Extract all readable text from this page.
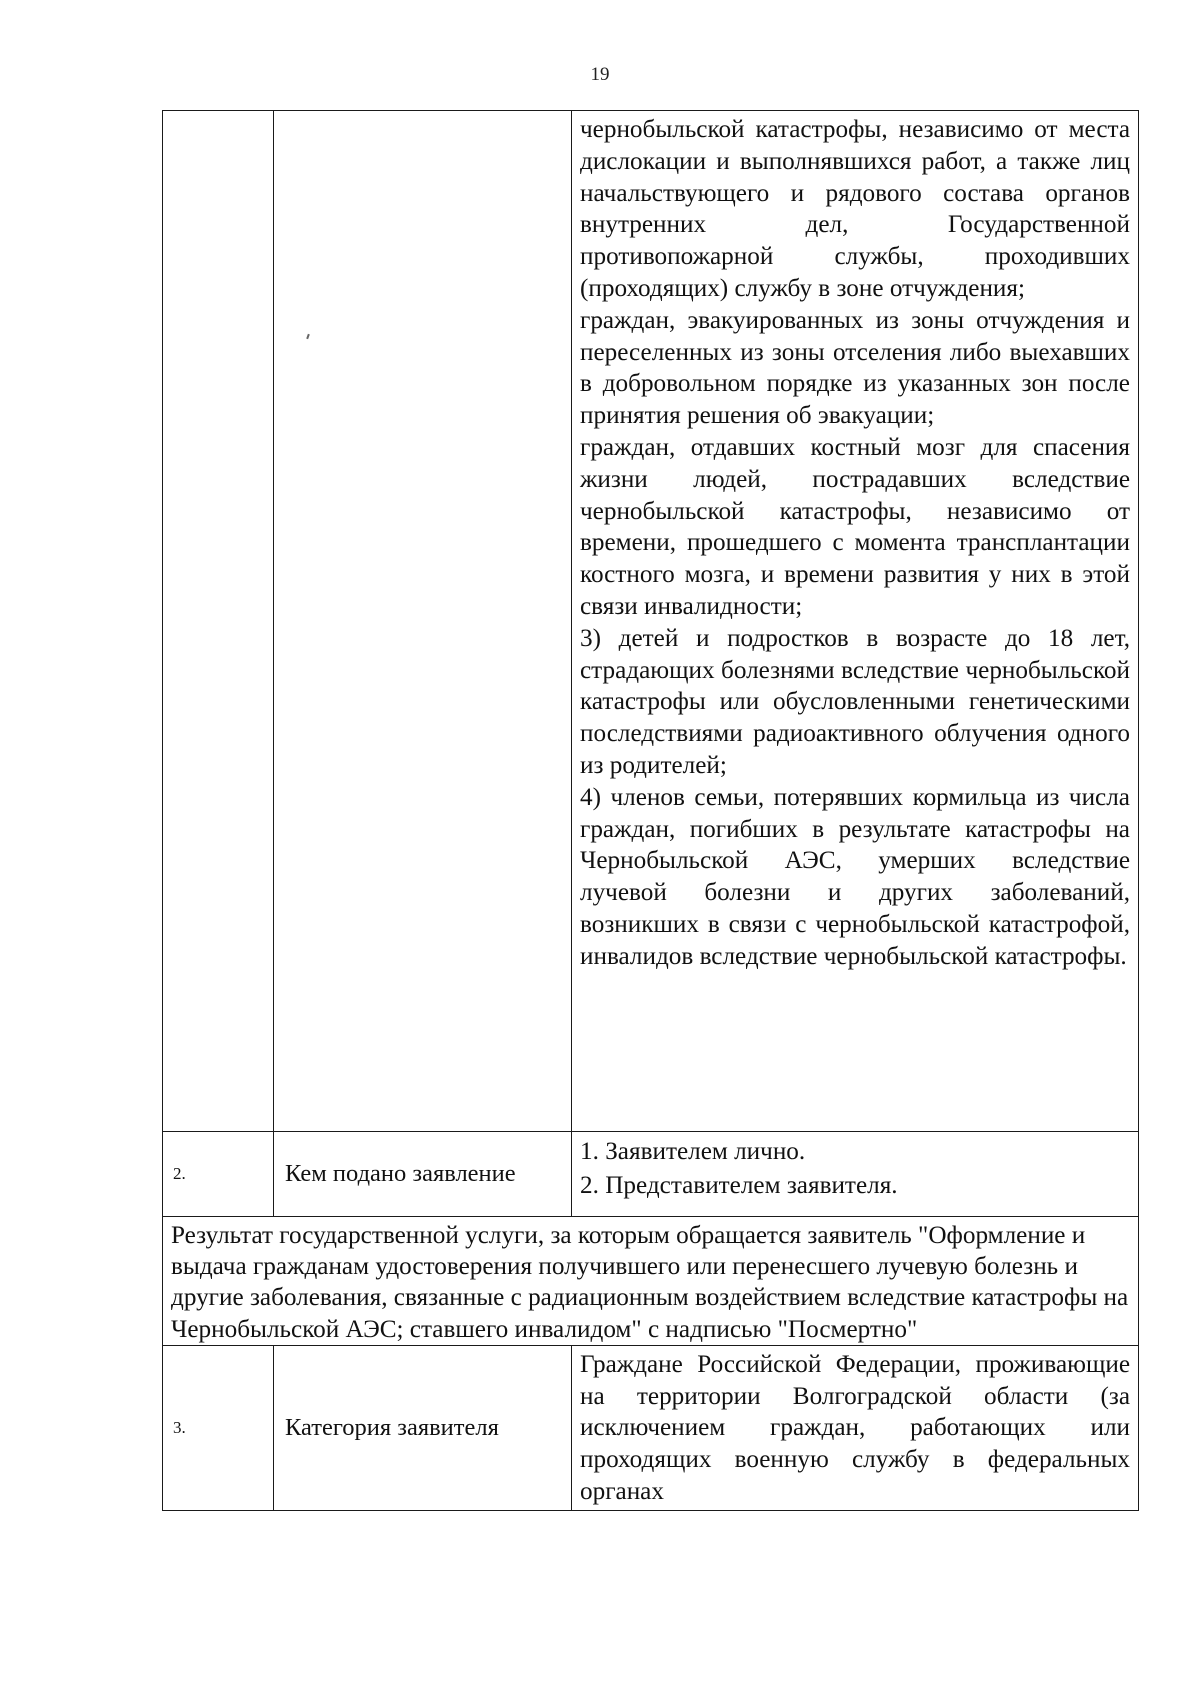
19

		чернобыльской катастрофы, независимо от места дислокации и выполнявшихся работ, а также лиц начальствующего и рядового состава органов внутренних дел, Государственной противопожарной службы, проходивших (проходящих) службу в зоне отчуждения;

граждан, эвакуированных из зоны отчуждения и переселенных из зоны отселения либо выехавших в добровольном порядке из указанных зон после принятия решения об эвакуации;

граждан, отдавших костный мозг для спасения жизни людей, пострадавших вследствие чернобыльской катастрофы, независимо от времени, прошедшего с момента трансплантации костного мозга, и времени развития у них в этой связи инвалидности;

3) детей и подростков в возрасте до 18 лет, страдающих болезнями вследствие чернобыльской катастрофы или обусловленными генетическими последствиями радиоактивного облучения одного из родителей;

4) членов семьи, потерявших кормильца из числа граждан, погибших в результате катастрофы на Чернобыльской АЭС, умерших вследствие лучевой болезни и других заболеваний, возникших в связи с чернобыльской катастрофой, инвалидов вследствие чернобыльской катастрофы.

2.	Кем подано заявление	1. Заявителем лично.

2. Представителем заявителя.

Результат государственной услуги, за которым обращается заявитель "Оформление и выдача гражданам удостоверения получившего или перенесшего лучевую болезнь и другие заболевания, связанные с радиационным воздействием вследствие катастрофы на Чернобыльской АЭС; ставшего инвалидом" с надписью "Посмертно"		
3.	Категория заявителя	Граждане Российской Федерации, проживающие на территории Волгоградской области (за исключением граждан, работающих или проходящих военную службу в федеральных органах
